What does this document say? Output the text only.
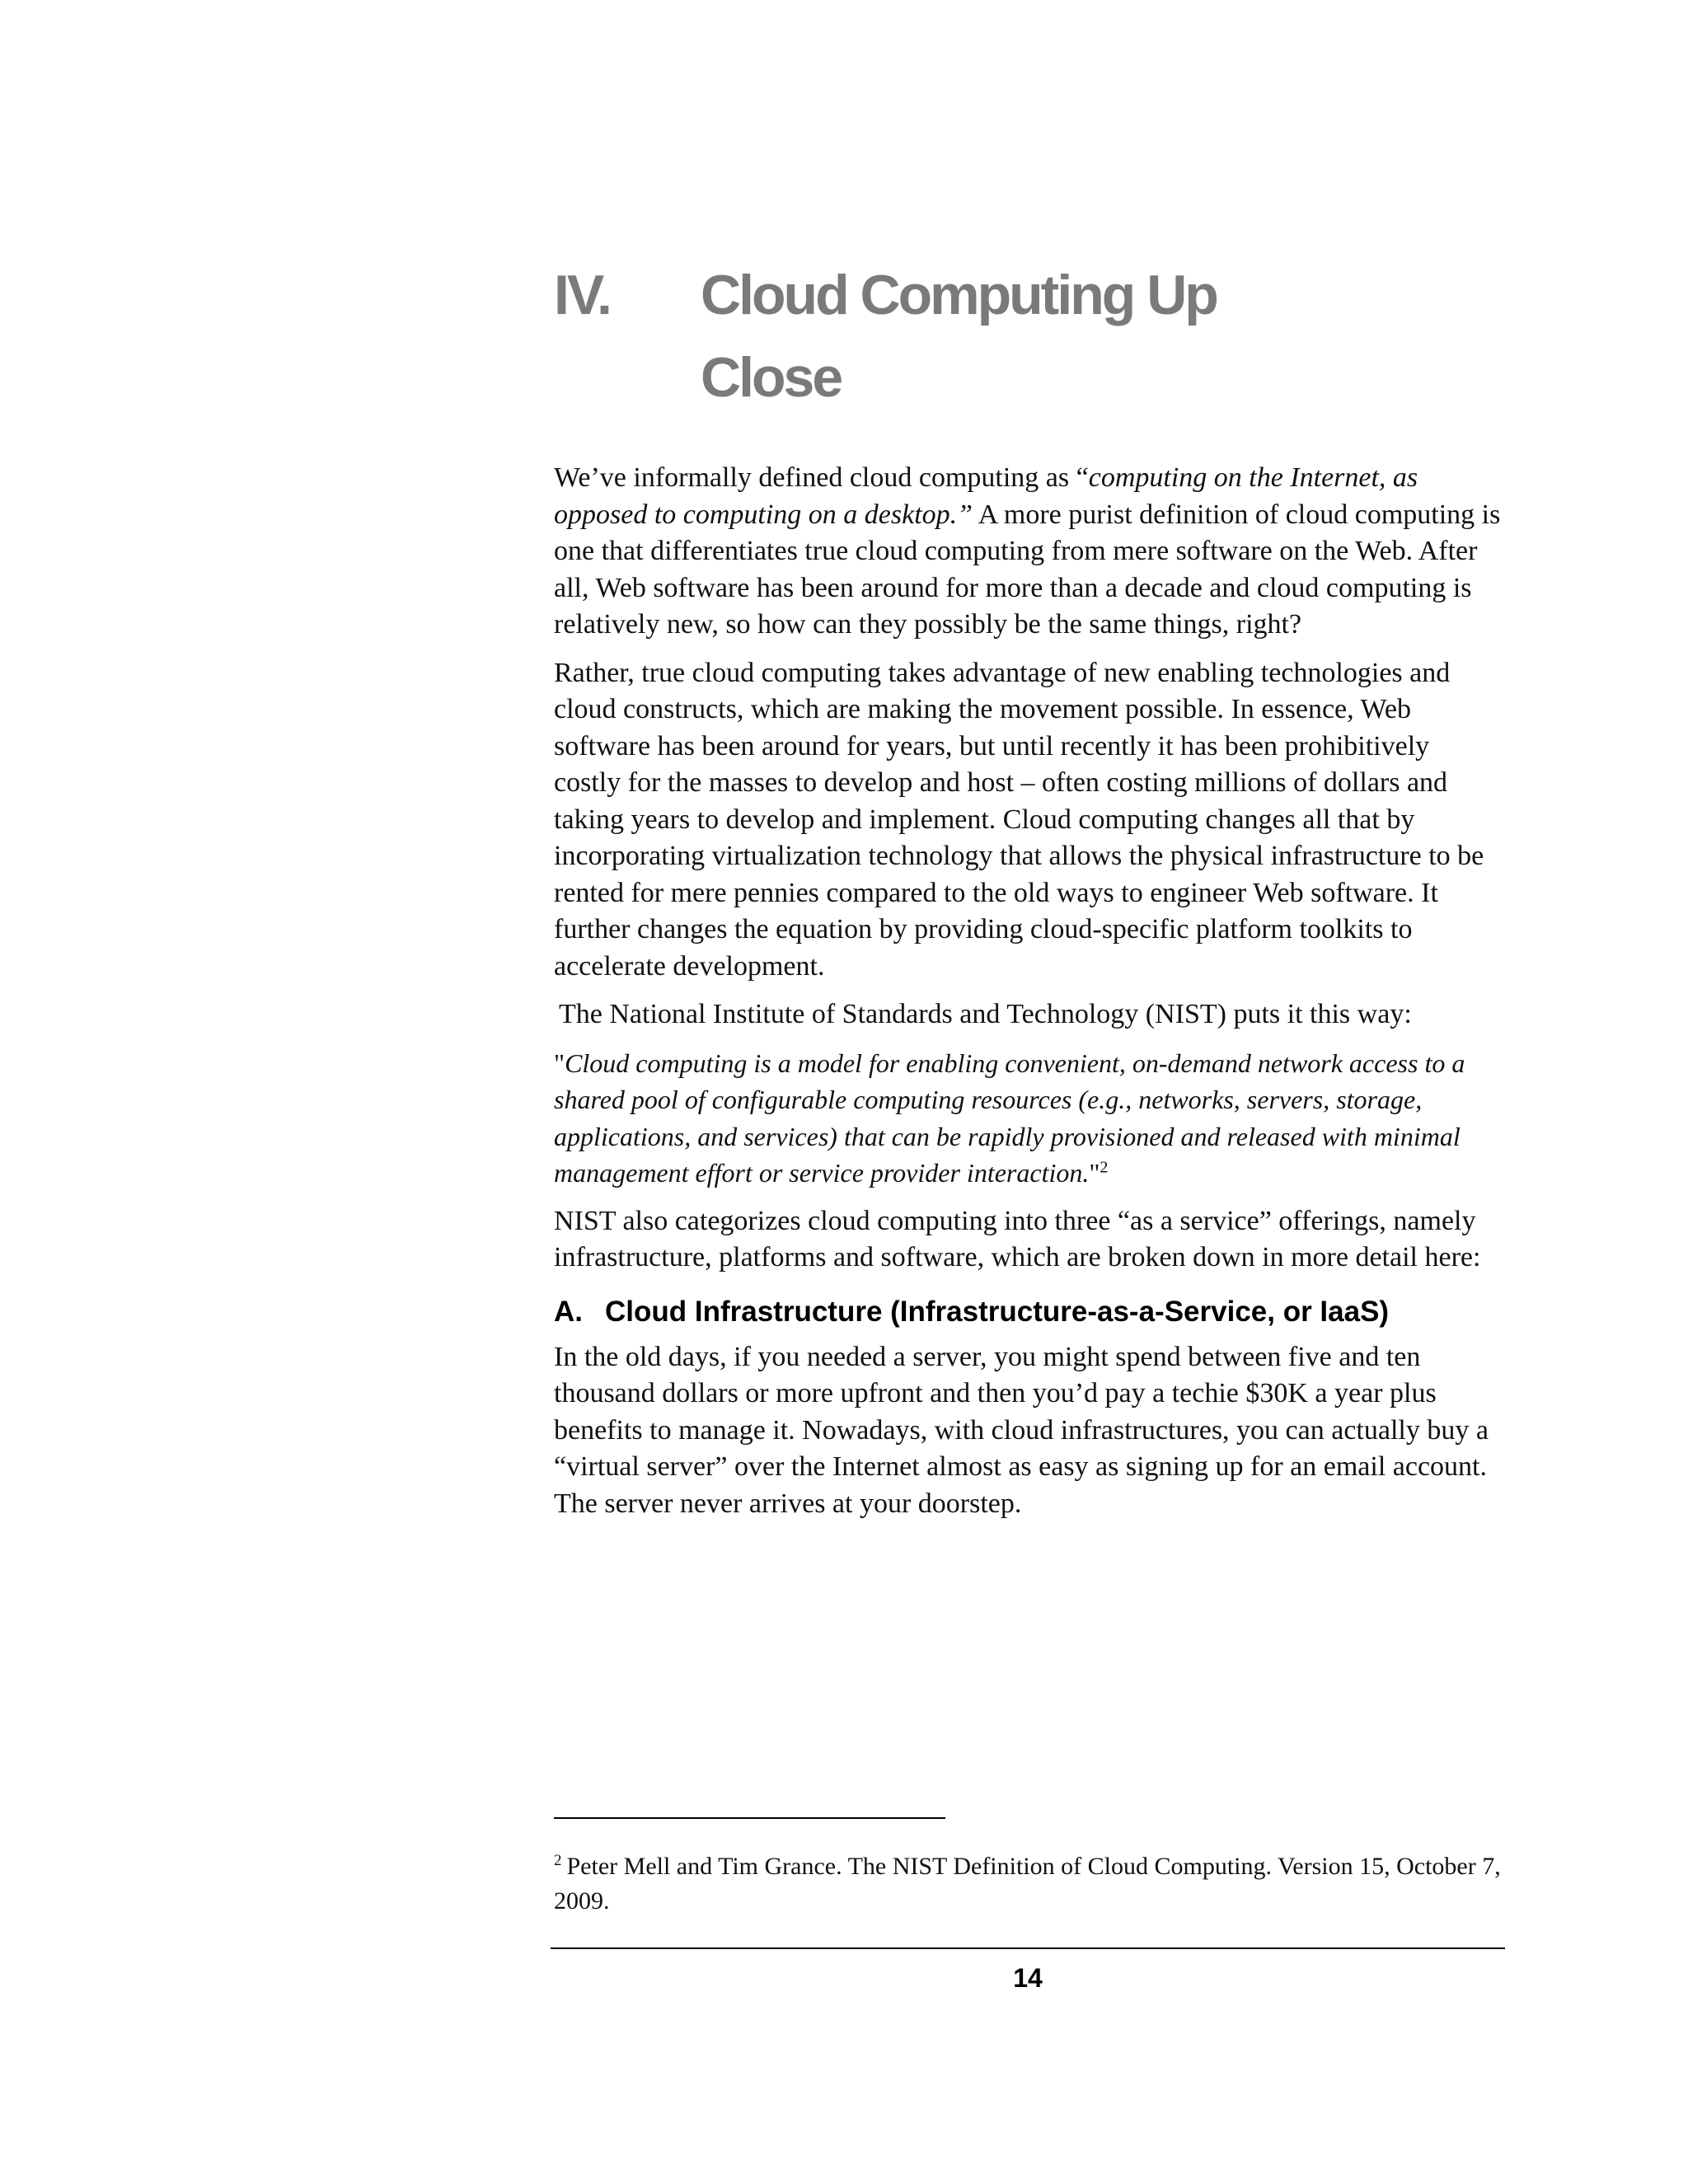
IV. Cloud Computing Up
Close

We’ve informally defined cloud computing as “computing on the Internet, as opposed to computing on a desktop.” A more purist definition of cloud computing is one that differentiates true cloud computing from mere software on the Web. After all, Web software has been around for more than a decade and cloud computing is relatively new, so how can they possibly be the same things, right?

Rather, true cloud computing takes advantage of new enabling technologies and cloud constructs, which are making the movement possible. In essence, Web software has been around for years, but until recently it has been prohibitively costly for the masses to develop and host – often costing millions of dollars and taking years to develop and implement. Cloud computing changes all that by incorporating virtualization technology that allows the physical infrastructure to be rented for mere pennies compared to the old ways to engineer Web software. It further changes the equation by providing cloud-specific platform toolkits to accelerate development.

The National Institute of Standards and Technology (NIST) puts it this way:

"Cloud computing is a model for enabling convenient, on-demand network access to a shared pool of configurable computing resources (e.g., networks, servers, storage, applications, and services) that can be rapidly provisioned and released with minimal management effort or service provider interaction."$^2$

NIST also categorizes cloud computing into three “as a service” offerings, namely infrastructure, platforms and software, which are broken down in more detail here:

A. Cloud Infrastructure (Infrastructure-as-a-Service, or IaaS)

In the old days, if you needed a server, you might spend between five and ten thousand dollars or more upfront and then you’d pay a techie $30K a year plus benefits to manage it. Nowadays, with cloud infrastructures, you can actually buy a “virtual server” over the Internet almost as easy as signing up for an email account. The server never arrives at your doorstep.

$^2$ Peter Mell and Tim Grance. The NIST Definition of Cloud Computing. Version 15, October 7, 2009.
14
